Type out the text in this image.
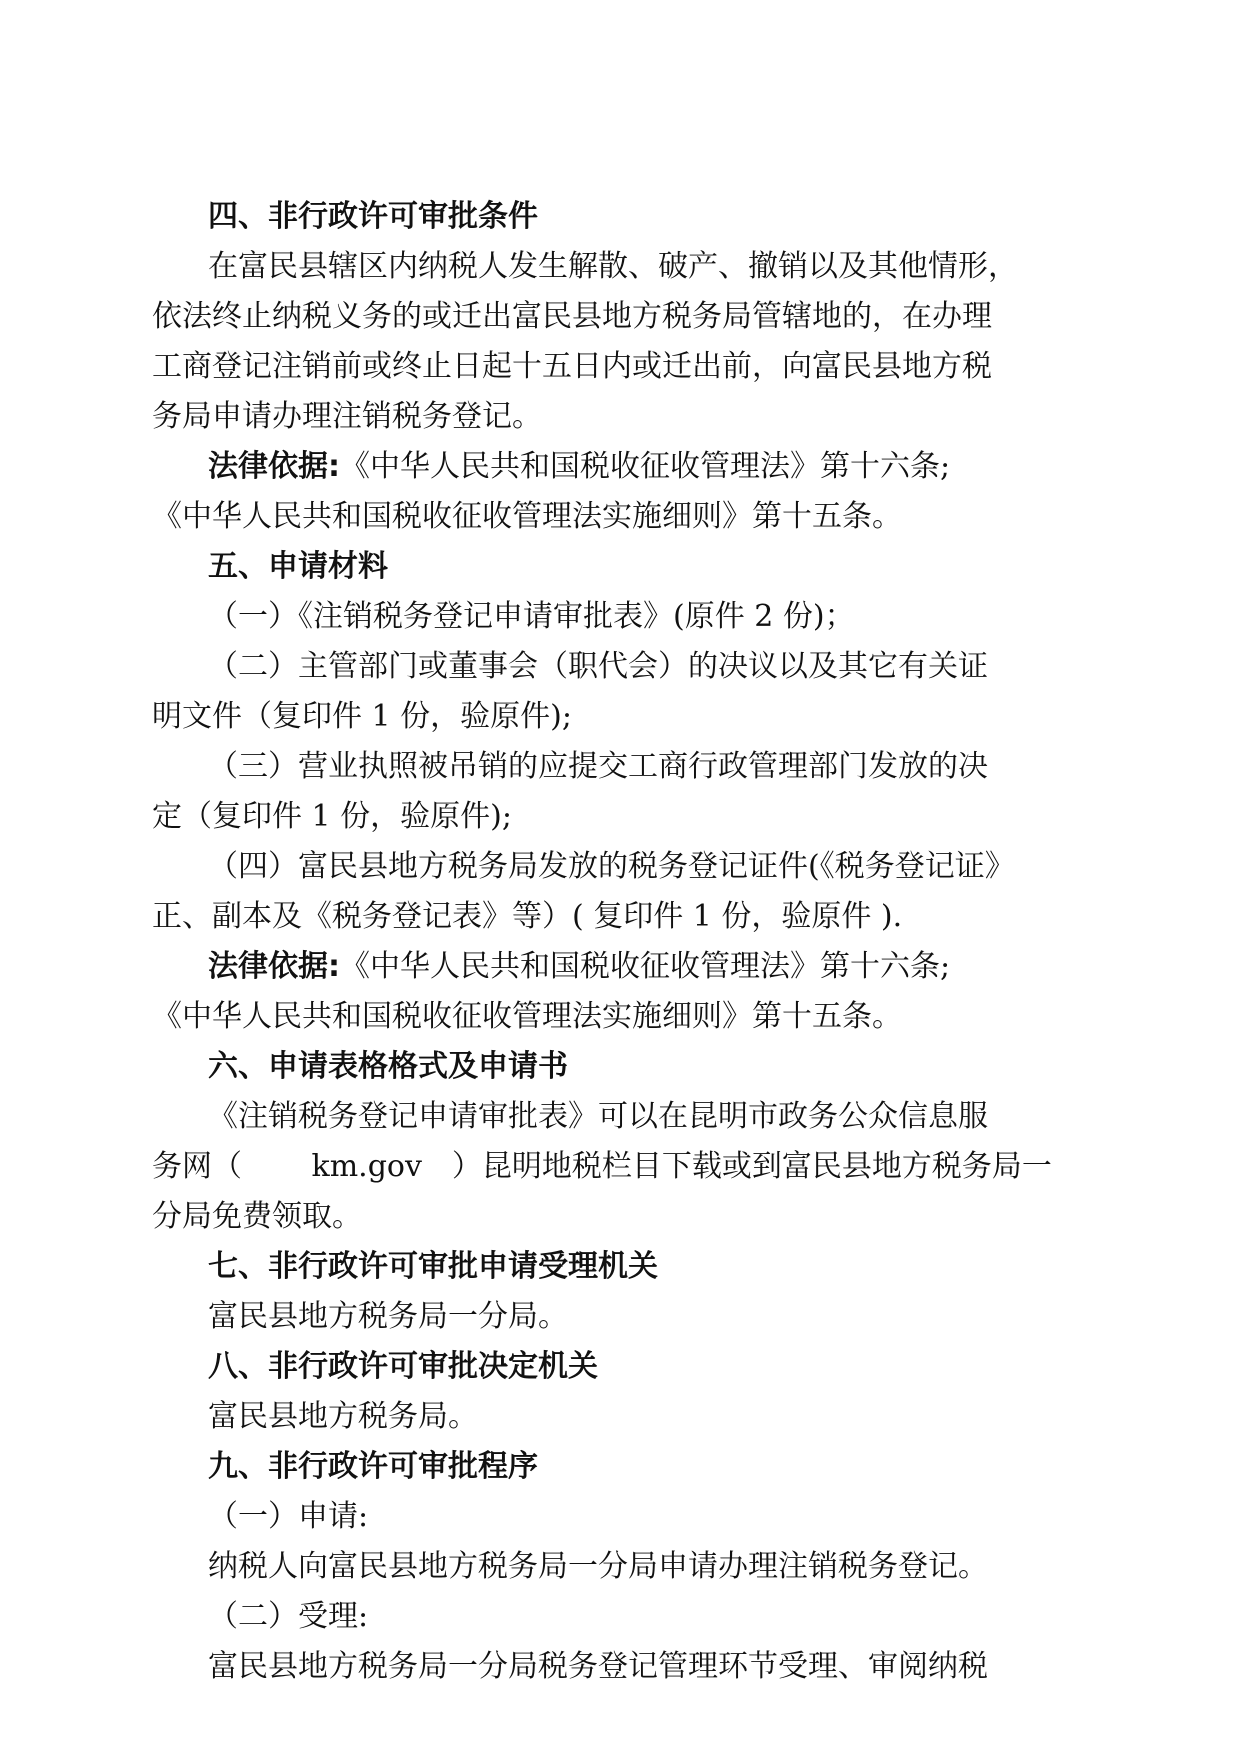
四、非行政许可审批条件
在富民县辖区内纳税人发生解散、破产、撤销以及其他情形，
依法终止纳税义务的或迁出富民县地方税务局管辖地的，在办理
工商登记注销前或终止日起十五日内或迁出前，向富民县地方税
务局申请办理注销税务登记。
法律依据:《中华人民共和国税收征收管理法》第十六条;
《中华人民共和国税收征收管理法实施细则》第十五条。
五、申请材料
（一）《注销税务登记申请审批表》(原件 2 份)；
（二）主管部门或董事会（职代会）的决议以及其它有关证
明文件（复印件 1 份，验原件);
（三）营业执照被吊销的应提交工商行政管理部门发放的决
定（复印件 1 份，验原件);
（四）富民县地方税务局发放的税务登记证件(《税务登记证》
正、副本及《税务登记表》等）( 复印件 1 份，验原件 ).
法律依据:《中华人民共和国税收征收管理法》第十六条;
《中华人民共和国税收征收管理法实施细则》第十五条。
六、申请表格格式及申请书
《注销税务登记申请审批表》可以在昆明市政务公众信息服
务网（　　 km.gov　）昆明地税栏目下载或到富民县地方税务局一
分局免费领取。
七、非行政许可审批申请受理机关
富民县地方税务局一分局。
八、非行政许可审批决定机关
富民县地方税务局。
九、非行政许可审批程序
（一）申请:
纳税人向富民县地方税务局一分局申请办理注销税务登记。
（二）受理:
富民县地方税务局一分局税务登记管理环节受理、审阅纳税
